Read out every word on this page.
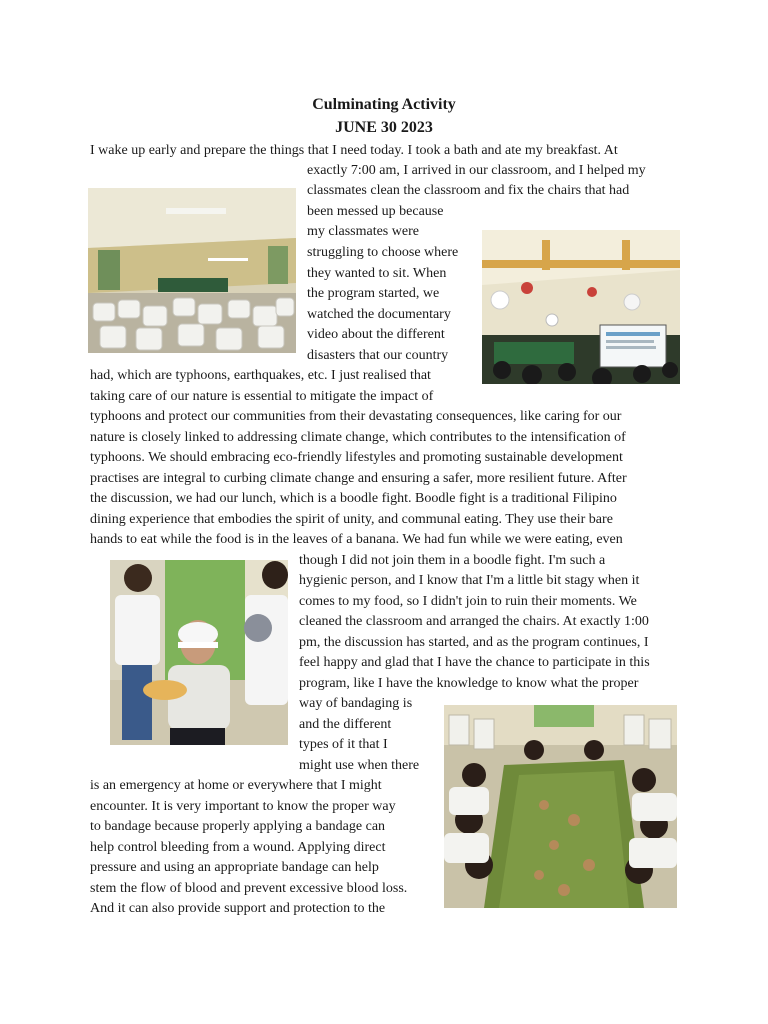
Culminating Activity
JUNE 30 2023
I wake up early and prepare the things that I need today. I took a bath and ate my breakfast. At
exactly 7:00 am, I arrived in our classroom, and I helped my
classmates clean the classroom and fix the chairs that had
been messed up because
my classmates were
struggling to choose where
they wanted to sit. When
the program started, we
watched the documentary
video about the different
disasters that our country
had, which are typhoons, earthquakes, etc. I just realised that
taking care of our nature is essential to mitigate the impact of
typhoons and protect our communities from their devastating consequences, like caring for our
nature is closely linked to addressing climate change, which contributes to the intensification of
typhoons. We should embracing eco-friendly lifestyles and promoting sustainable development
practises are integral to curbing climate change and ensuring a safer, more resilient future. After
the discussion, we had our lunch, which is a boodle fight. Boodle fight is a traditional Filipino
dining experience that embodies the spirit of unity, and communal eating. They use their bare
hands to eat while the food is in the leaves of a banana. We had fun while we were eating, even
though I did not join them in a boodle fight. I'm such a
hygienic person, and I know that I'm a little bit stagy when it
comes to my food, so I didn't join to ruin their moments. We
cleaned the classroom and arranged the chairs. At exactly 1:00
pm, the discussion has started, and as the program continues, I
feel happy and glad that I have the chance to participate in this
program, like I have the knowledge to know what the proper
way of bandaging is
and the different
types of it that I
might use when there
is an emergency at home or everywhere that I might
encounter. It is very important to know the proper way
to bandage because properly applying a bandage can
help control bleeding from a wound. Applying direct
pressure and using an appropriate bandage can help
stem the flow of blood and prevent excessive blood loss.
And it can also provide support and protection to the
